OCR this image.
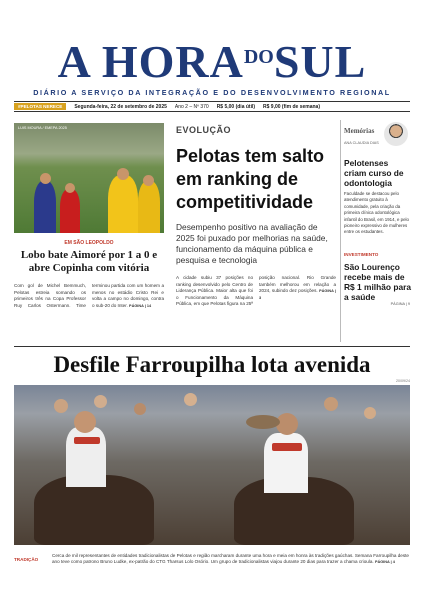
A $HORA^{DO}SUL$
DIÁRIO A SERVIÇO DA INTEGRAÇÃO E DO DESENVOLVIMENTO REGIONAL
#PELOTAS NERECE	Segunda-feira, 22 de setembro de 2025 Ano 2 – Nº 370 R$ 5,00 (dia útil) R$ 9,00 (fim de semana)
LUIS MOURA / EMEPA 2025
EM SÃO LEOPOLDO
Lobo bate Aimoré por 1 a 0 e abre Copinha com vitória
Com gol de Michel Bemmuch, Pelotas estreia somando os primeiros três na Copa Professor Ruy Carlos Ostermann. Time terminou partida com um homem a menos no estádio Cristo Rei e volta a campo no domingo, contra o sub-20 do Inter. PÁGINA | 14
EVOLUÇÃO
Pelotas tem salto em ranking de competitividade
Desempenho positivo na avaliação de 2025 foi puxado por melhorias na saúde, funcionamento da máquina pública e pesquisa e tecnologia
A cidade subiu 37 posições no ranking desenvolvido pelo Centro de Liderança Pública. Maior alta que foi o Funcionamento da Máquina Pública, em que Pelotas figura na 25ª posição nacional. Rio Grande também melhorou em relação a 2024, subindo dez posições. PÁGINA | 3
Memórias
ANA CLAUDIA DIAS
Pelotenses criam curso de odontologia
Faculdade se destacou pelo atendimento gratuito à comunidade, pela criação da primeira clínica odontológica infantil do Brasil, em 1914, e pelo pioneiro expressivo de mulheres entre os estudantes.
INVESTIMENTO
São Lourenço recebe mais de R$ 1 milhão para a saúde
PÁGINA | 9
Desfile Farroupilha lota avenida
20/09/24
TRADIÇÃO
Cerca de mil representantes de entidades tradicionalistas de Pelotas e região marcharam durante uma hora e meia em honra às tradições gaúchas. Semana Farroupilha deste ano teve como patrono Bruno Ludke, ex-patrão do CTG Tharsus Lolo Osório. Um grupo de tradicionalistas viajou durante 20 dias para trazer a chama crioula. PÁGINA | 4
